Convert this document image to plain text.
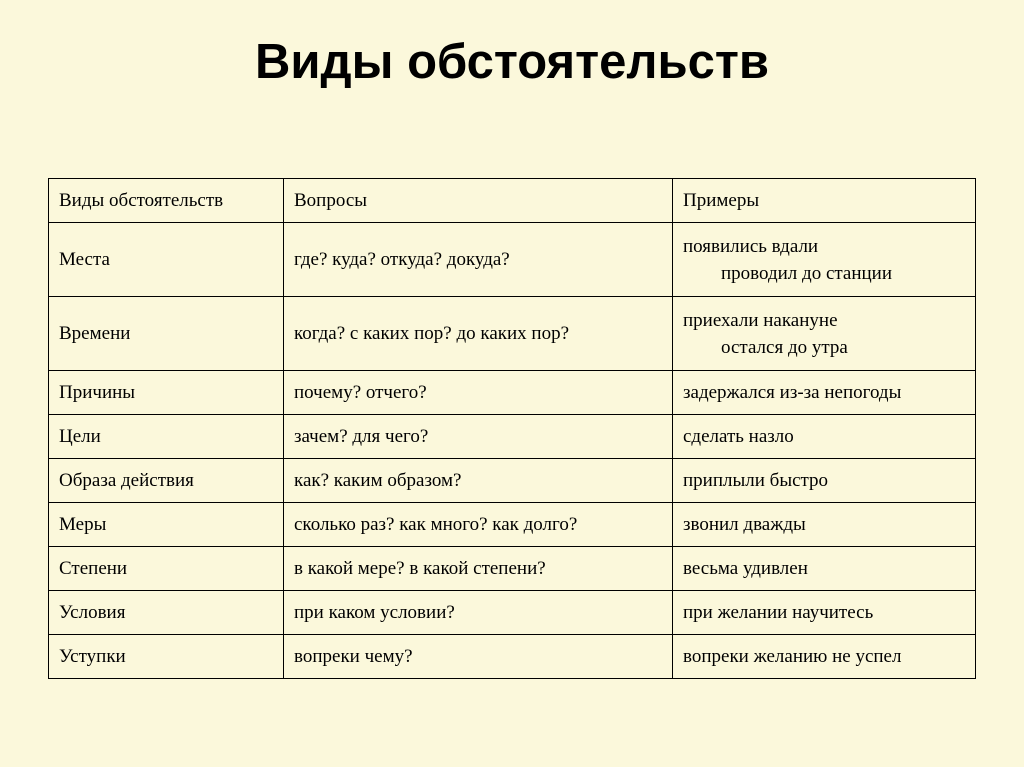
Виды обстоятельств
Виды обстоятельств	Вопросы	Примеры
Места	где? куда? откуда? докуда?	появились вдали
проводил до станции

Времени	когда? с каких пор? до каких пор?	приехали накануне
остался до утра

Причины	почему? отчего?	задержался из-за непогоды
Цели	зачем? для чего?	сделать назло
Образа действия	как? каким образом?	приплыли быстро
Меры	сколько раз? как много? как долго?	звонил дважды
Степени	в какой мере? в какой степени?	весьма удивлен
Условия	при каком условии?	при желании научитесь
Уступки	вопреки чему?	вопреки желанию не успел
